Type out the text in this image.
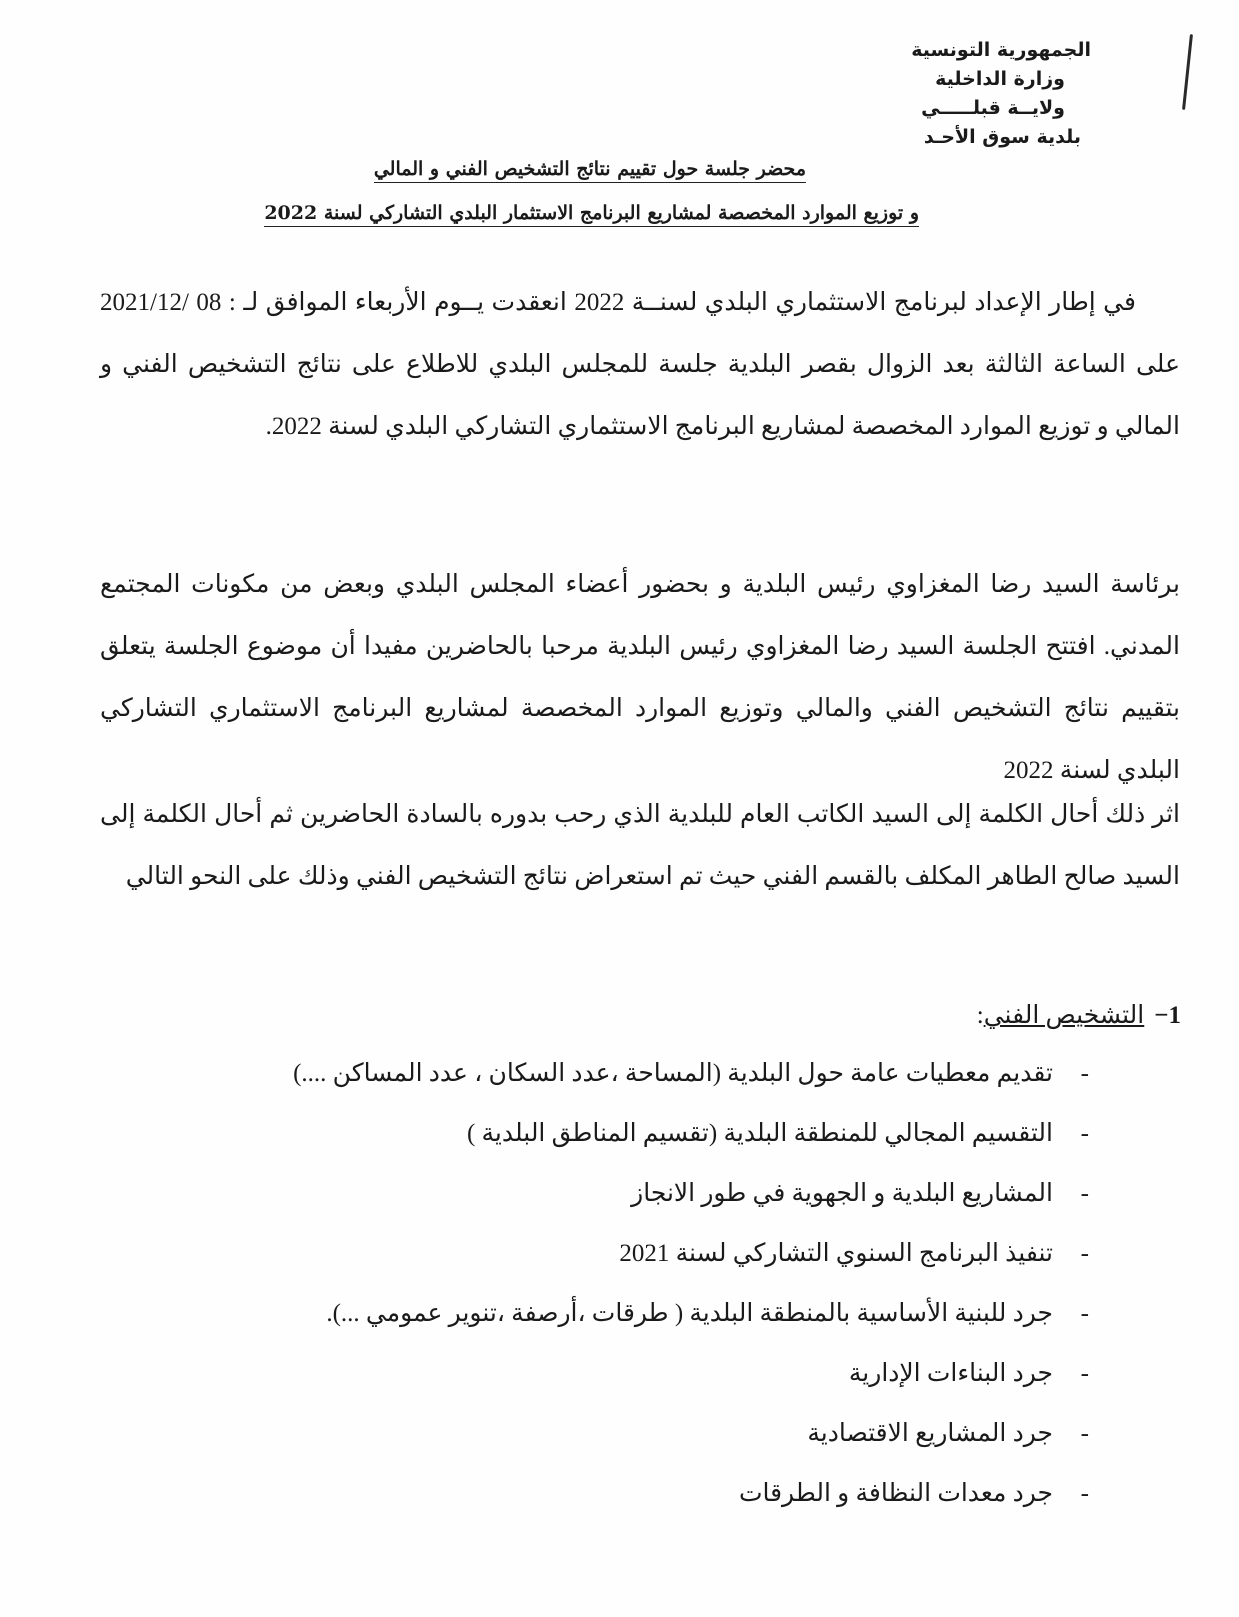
الجمهورية التونسية
وزارة الداخلية
ولايــة قبلـــــي
بلدية سوق الأحـد
محضر جلسة حول تقييم نتائج التشخيص الفني و المالي
و توزيع الموارد المخصصة لمشاريع البرنامج الاستثمار البلدي التشاركي لسنة 2022

في إطار الإعداد لبرنامج الاستثماري البلدي لسنــة 2022 انعقدت يــوم الأربعاء الموافق لـ : 08 /2021/12 على الساعة الثالثة بعد الزوال بقصر البلدية جلسة للمجلس البلدي للاطلاع على نتائج التشخيص الفني و المالي و توزيع الموارد المخصصة لمشاريع البرنامج الاستثماري التشاركي البلدي لسنة 2022.

برئاسة السيد رضا المغزاوي رئيس البلدية و بحضور أعضاء المجلس البلدي وبعض من مكونات المجتمع المدني. افتتح الجلسة السيد رضا المغزاوي رئيس البلدية مرحبا بالحاضرين مفيدا أن موضوع الجلسة يتعلق بتقييم نتائج التشخيص الفني والمالي وتوزيع الموارد المخصصة لمشاريع البرنامج الاستثماري التشاركي البلدي لسنة 2022

اثر ذلك أحال الكلمة إلى السيد الكاتب العام للبلدية الذي رحب بدوره بالسادة الحاضرين ثم أحال الكلمة إلى السيد صالح الطاهر المكلف بالقسم الفني حيث تم استعراض نتائج التشخيص الفني وذلك على النحو التالي

1−التشخيص الفني:
-تقديم معطيات عامة حول البلدية (المساحة ،عدد السكان ، عدد المساكن ....)
-التقسيم المجالي للمنطقة البلدية (تقسيم المناطق البلدية )
-المشاريع البلدية و الجهوية في طور الانجاز
-تنفيذ البرنامج السنوي التشاركي لسنة 2021
-جرد للبنية الأساسية بالمنطقة البلدية ( طرقات ،أرصفة ،تنوير عمومي ...).
-جرد البناءات الإدارية
-جرد المشاريع الاقتصادية
-جرد معدات النظافة و الطرقات
